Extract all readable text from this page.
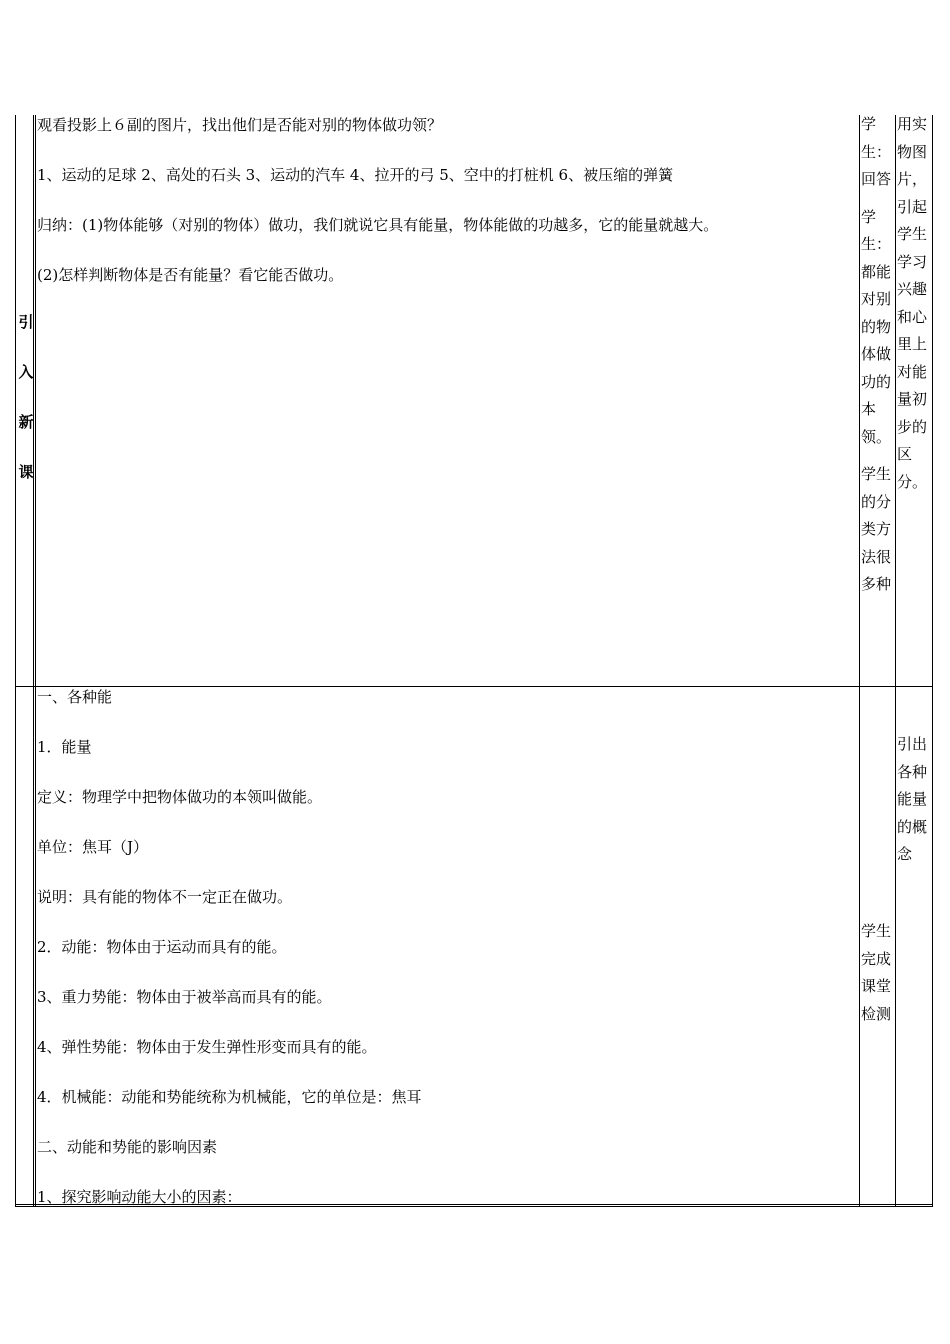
引
入
新
课

观看投影上６副的图片，找出他们是否能对别的物体做功领？

1、运动的足球 2、高处的石头 3、运动的汽车 4、拉开的弓 5、空中的打桩机 6、被压缩的弹簧

归纳：(1)物体能够（对别的物体）做功，我们就说它具有能量，物体能做的功越多，它的能量就越大。

(2)怎样判断物体是否有能量？看它能否做功。

学生：回答
学生：都能对别的物体做功的本领。
学生的分类方法很多种
用实物图片，引起学生学习兴趣和心里上对能量初步的区分。

一、各种能

1．能量

定义：物理学中把物体做功的本领叫做能。

单位：焦耳（J）

说明：具有能的物体不一定正在做功。

2．动能：物体由于运动而具有的能。

3、重力势能：物体由于被举高而具有的能。

4、弹性势能：物体由于发生弹性形变而具有的能。

4．机械能：动能和势能统称为机械能，它的单位是：焦耳

二、动能和势能的影响因素

1、探究影响动能大小的因素：

学生完成课堂检测
引出各种能量的概念
